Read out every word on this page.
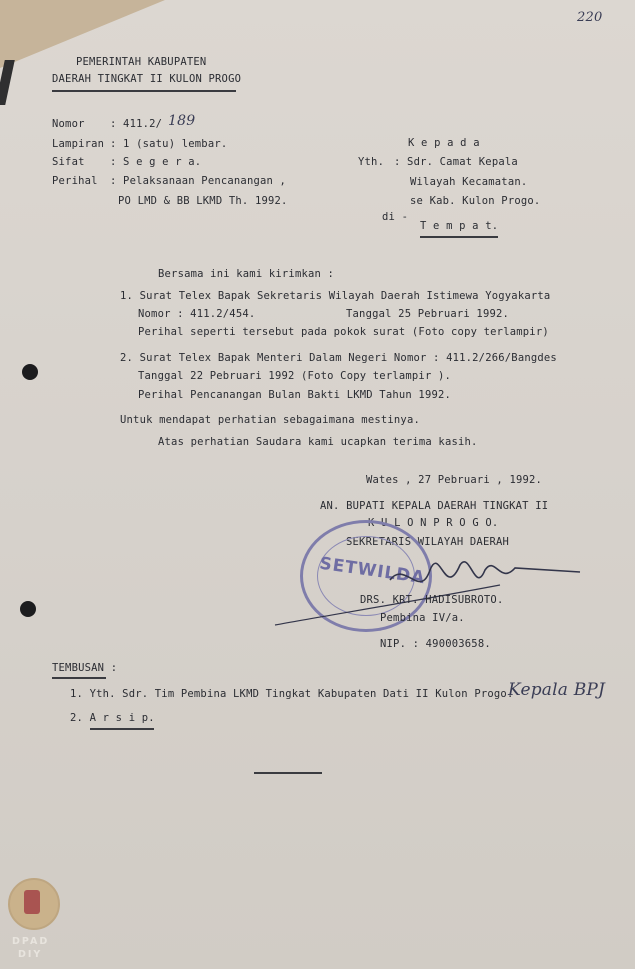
220
PEMERINTAH KABUPATEN
DAERAH TINGKAT II KULON PROGO
Nomor : 411.2/ 189
Lampiran : 1 (satu) lembar.
Sifat : S e g e r a.
Perihal : Pelaksanaan Pencanangan ,
PO LMD & BB LKMD Th. 1992.
K e p a d a
Yth. : Sdr. Camat Kepala
Wilayah Kecamatan.
se Kab. Kulon Progo.
di -
T e m p a t.
Bersama ini kami kirimkan :
1. Surat Telex Bapak Sekretaris Wilayah Daerah Istimewa Yogyakarta
Nomor : 411.2/454.	Tanggal 25 Pebruari 1992.
Perihal seperti tersebut pada pokok surat (Foto copy terlampir)
2. Surat Telex Bapak Menteri Dalam Negeri Nomor : 411.2/266/Bangdes
Tanggal 22 Pebruari 1992 (Foto Copy terlampir ).
Perihal Pencanangan Bulan Bakti LKMD Tahun 1992.
Untuk mendapat perhatian sebagaimana mestinya.
Atas perhatian Saudara kami ucapkan terima kasih.
Wates , 27 Pebruari , 1992.
AN. BUPATI KEPALA DAERAH TINGKAT II
K U L O N P R O G O.
SEKRETARIS WILAYAH DAERAH
SETWILDA
DRS. KRT. HADISUBROTO.
Pembina IV/a.
NIP. : 490003658.
TEMBUSAN :
1. Yth. Sdr. Tim Pembina LKMD Tingkat Kabupaten Dati II Kulon Progo.
Kepala BPJ
2. A r s i p.
DPAD
DIY
